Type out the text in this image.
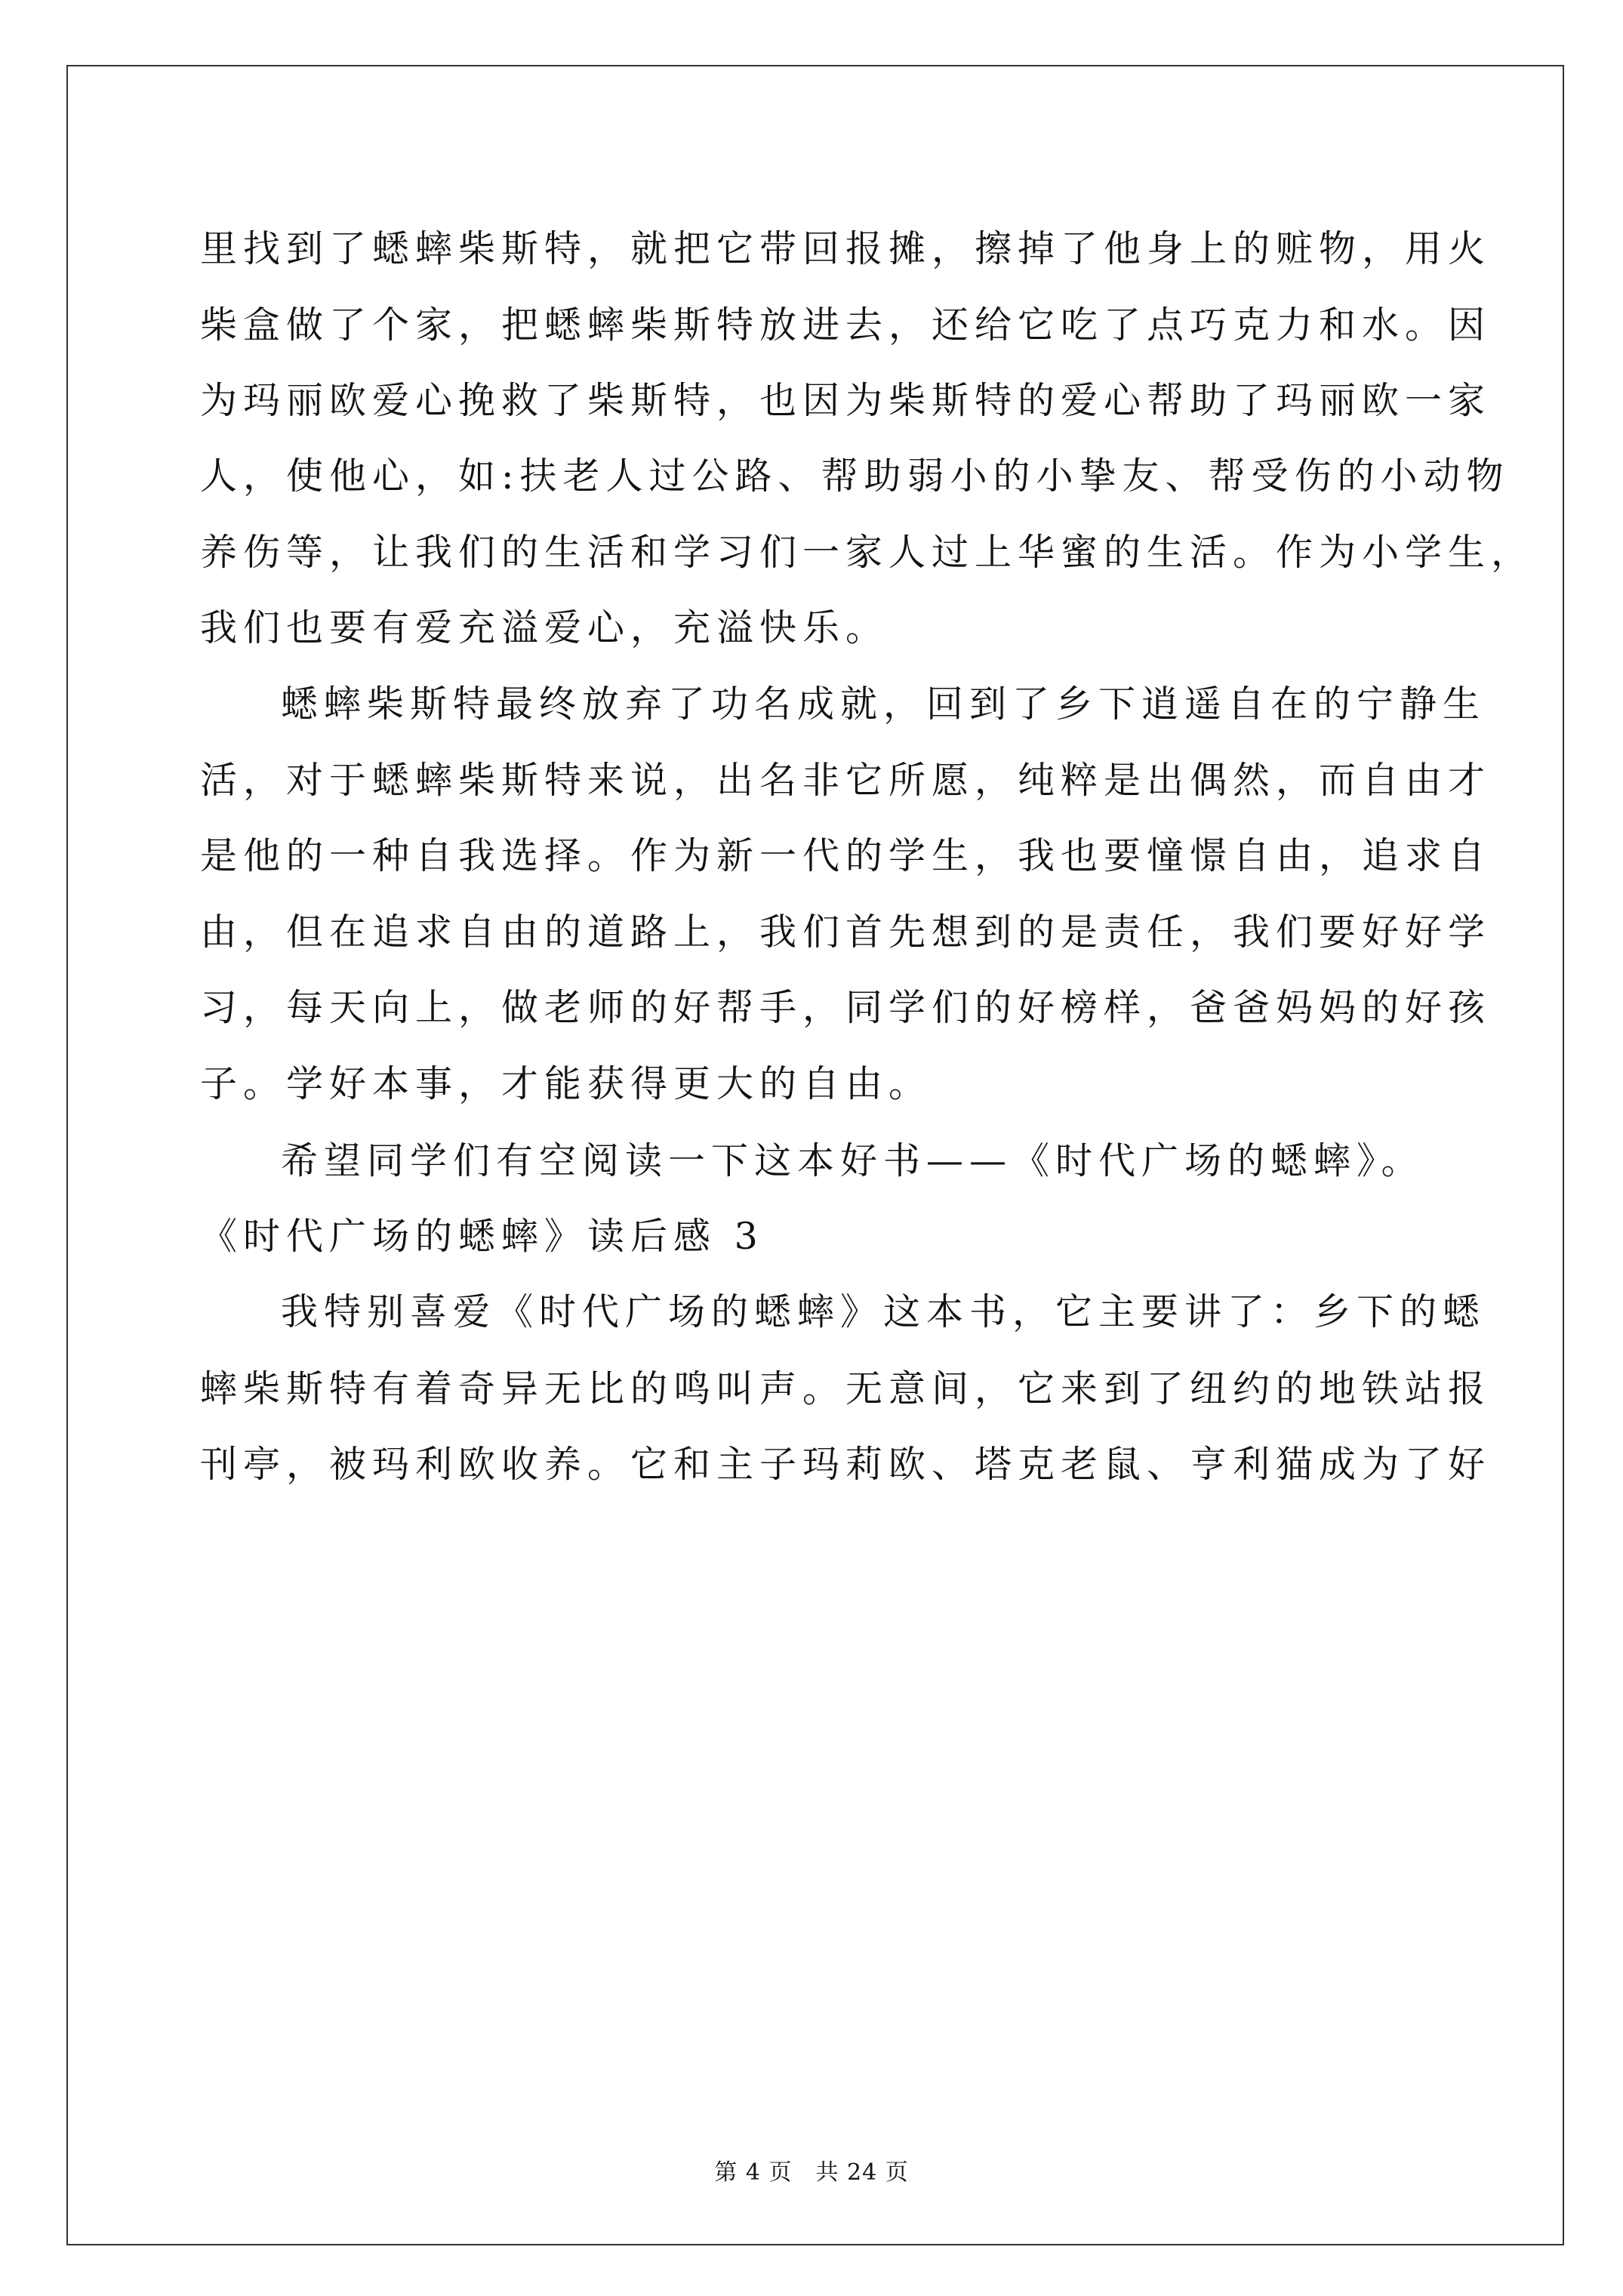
里找到了蟋蟀柴斯特，就把它带回报摊，擦掉了他身上的赃物，用火
柴盒做了个家，把蟋蟀柴斯特放进去，还给它吃了点巧克力和水。因
为玛丽欧爱心挽救了柴斯特，也因为柴斯特的爱心帮助了玛丽欧一家
人，使他心，如:扶老人过公路、帮助弱小的小挚友、帮受伤的小动物
养伤等，让我们的生活和学习们一家人过上华蜜的生活。作为小学生，
我们也要有爱充溢爱心，充溢快乐。
蟋蟀柴斯特最终放弃了功名成就，回到了乡下逍遥自在的宁静生
活，对于蟋蟀柴斯特来说，出名非它所愿，纯粹是出偶然，而自由才
是他的一种自我选择。作为新一代的学生，我也要憧憬自由，追求自
由，但在追求自由的道路上，我们首先想到的是责任，我们要好好学
习，每天向上，做老师的好帮手，同学们的好榜样，爸爸妈妈的好孩
子。学好本事，才能获得更大的自由。
希望同学们有空阅读一下这本好书——《时代广场的蟋蟀》。
《时代广场的蟋蟀》读后感 3
我特别喜爱《时代广场的蟋蟀》这本书，它主要讲了：乡下的蟋
蟀柴斯特有着奇异无比的鸣叫声。无意间，它来到了纽约的地铁站报
刊亭，被玛利欧收养。它和主子玛莉欧、塔克老鼠、亨利猫成为了好
第 4 页　共 24 页
